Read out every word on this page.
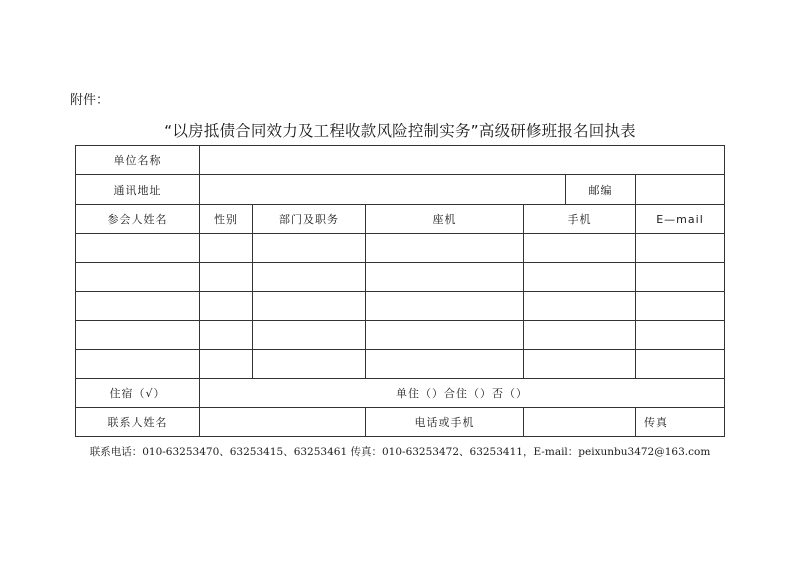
附件：
“以房抵债合同效力及工程收款风险控制实务”高级研修班报名回执表
单位名称						
通讯地址					邮编	
参会人姓名	性别	部门及职务	座机	手机		E—mail

住宿（√）	单住（）合住（）否（）					
联系人姓名			电话或手机			传真
联系电话：010-63253470、63253415、63253461 传真：010-63253472、63253411，E-mail：peixunbu3472@163.com
